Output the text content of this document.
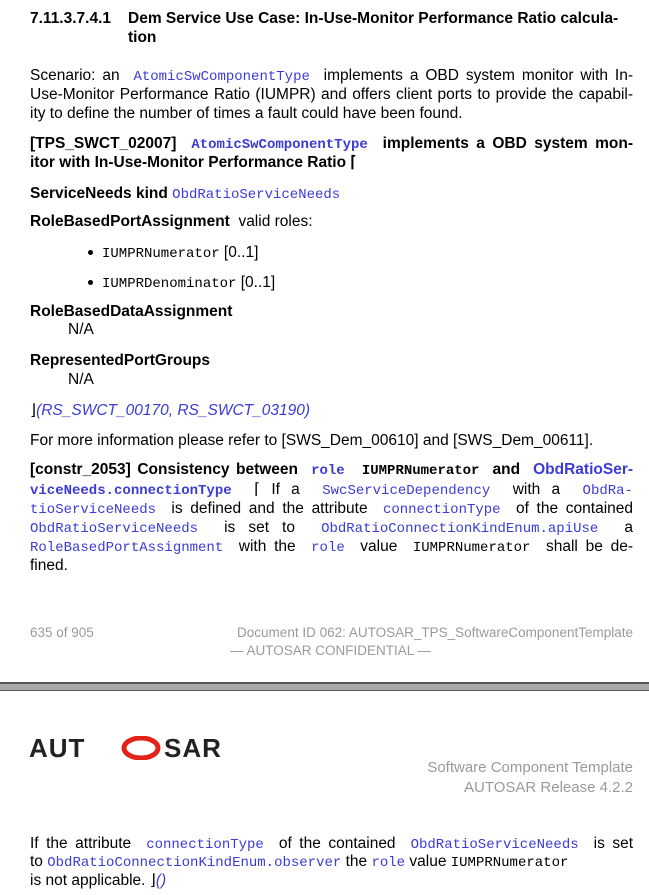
7.11.3.7.4.1 Dem Service Use Case: In-Use-Monitor Performance Ratio calcula-
tion
Scenario: an  AtomicSwComponentType  implements a OBD system monitor with In-
Use-Monitor Performance Ratio (IUMPR) and offers client ports to provide the capabil-
ity to define the number of times a fault could have been found.
[TPS_SWCT_02007]  AtomicSwComponentType  implements a OBD system mon-
itor with In-Use-Monitor Performance Ratio ⌈
ServiceNeeds kind ObdRatioServiceNeeds
RoleBasedPortAssignment  valid roles:
IUMPRNumerator [0..1]
IUMPRDenominator [0..1]
RoleBasedDataAssignment
N/A
RepresentedPortGroups
N/A
⌋(RS_SWCT_00170, RS_SWCT_03190)
For more information please refer to [SWS_Dem_00610] and [SWS_Dem_00611].
[constr_2053] Consistency between  role  IUMPRNumerator  and  ObdRatioSer-
viceNeeds.connectionType  ⌈ If a  SwcServiceDependency  with a  ObdRa-
tioServiceNeeds  is defined and the attribute  connectionType  of the contained
ObdRatioServiceNeeds  is set to  ObdRatioConnectionKindEnum.apiUse  a
RoleBasedPortAssignment  with the  role  value  IUMPRNumerator  shall be de-
fined.
635 of 905	Document ID 062: AUTOSAR_TPS_SoftwareComponentTemplate
— AUTOSAR CONFIDENTIAL —
AUT	SAR
Software Component Template
AUTOSAR Release 4.2.2
If the attribute  connectionType  of the contained  ObdRatioServiceNeeds  is set
to ObdRatioConnectionKindEnum.observer the role value IUMPRNumerator
is not applicable. ⌋()
